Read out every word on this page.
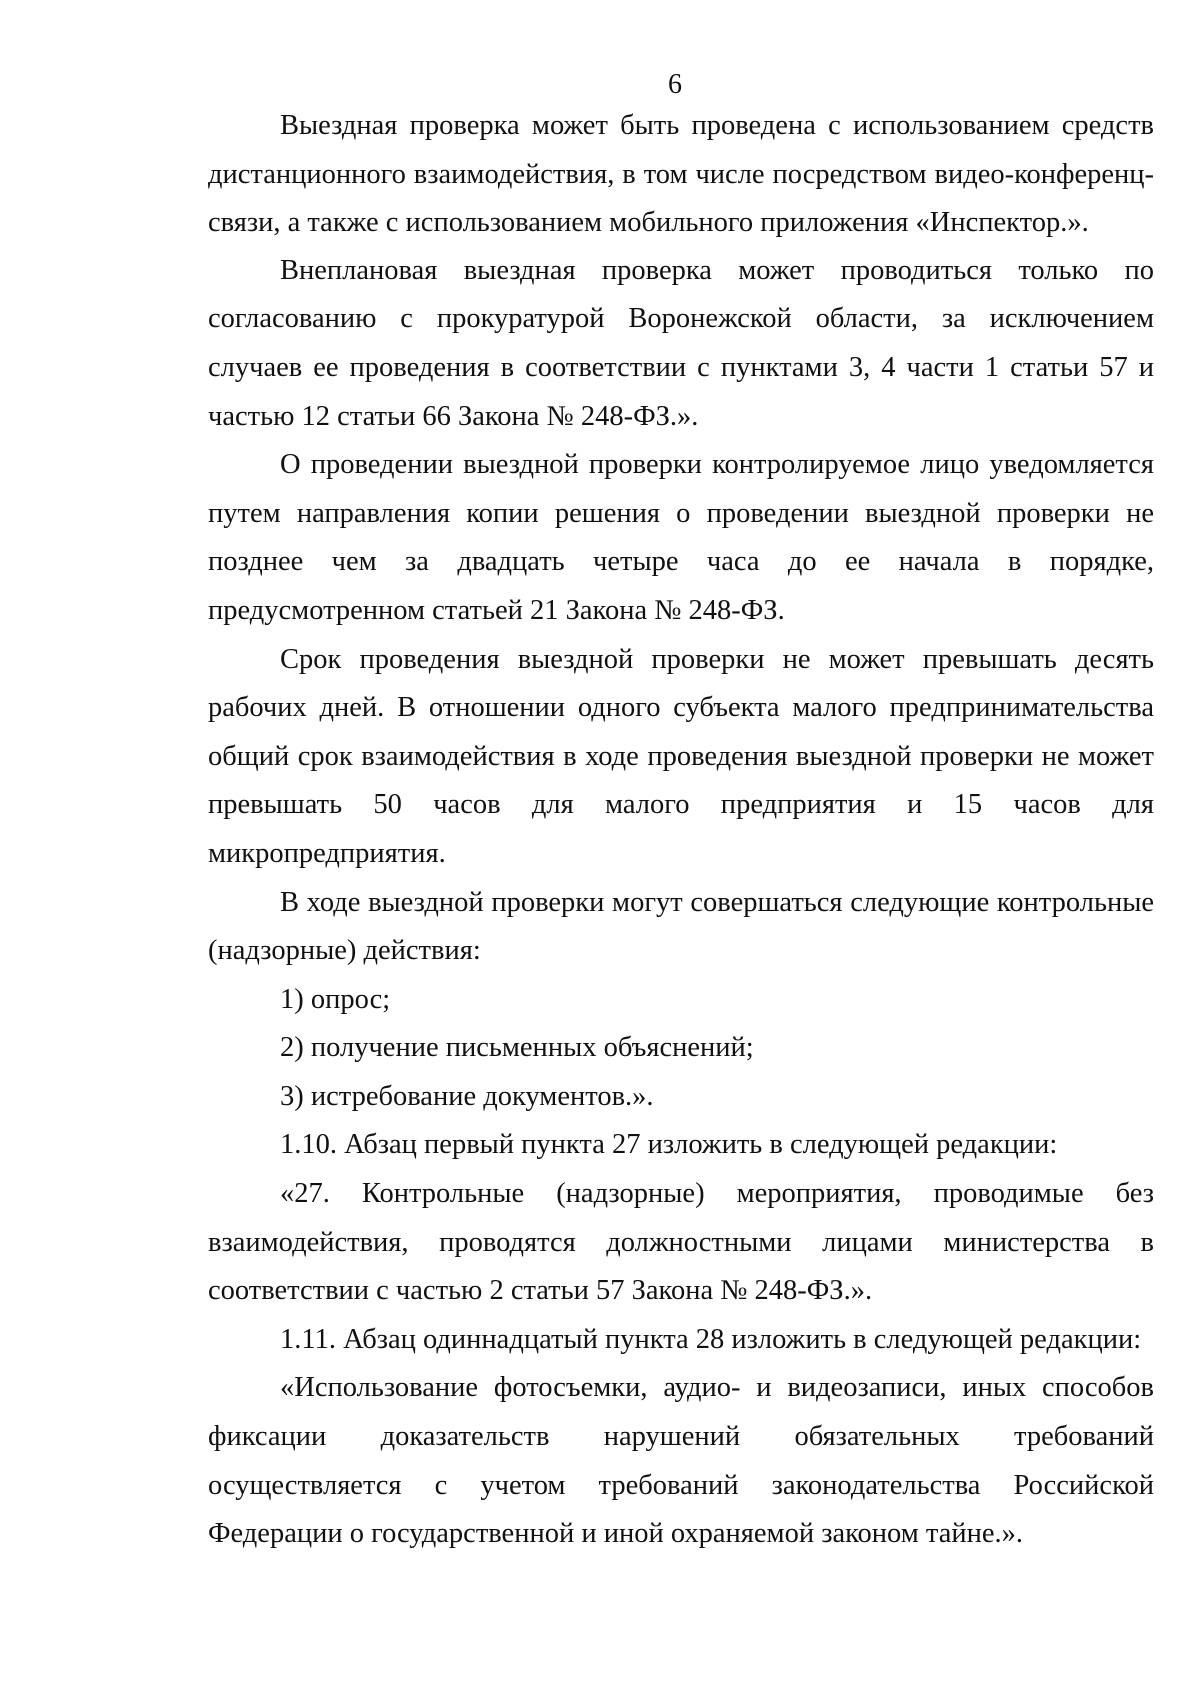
6

Выездная проверка может быть проведена с использованием средств дистанционного взаимодействия, в том числе посредством видео-конференц-связи, а также с использованием мобильного приложения «Инспектор.».

Внеплановая выездная проверка может проводиться только по согласованию с прокуратурой Воронежской области, за исключением случаев ее проведения в соответствии с пунктами 3, 4 части 1 статьи 57 и частью 12 статьи 66 Закона № 248-ФЗ.».

О проведении выездной проверки контролируемое лицо уведомляется путем направления копии решения о проведении выездной проверки не позднее чем за двадцать четыре часа до ее начала в порядке, предусмотренном статьей 21 Закона № 248-ФЗ.

Срок проведения выездной проверки не может превышать десять рабочих дней. В отношении одного субъекта малого предпринимательства общий срок взаимодействия в ходе проведения выездной проверки не может превышать 50 часов для малого предприятия и 15 часов для микропредприятия.

В ходе выездной проверки могут совершаться следующие контрольные (надзорные) действия:

1) опрос;

2) получение письменных объяснений;

3) истребование документов.».

1.10. Абзац первый пункта 27 изложить в следующей редакции:

«27. Контрольные (надзорные) мероприятия, проводимые без взаимодействия, проводятся должностными лицами министерства в соответствии с частью 2 статьи 57 Закона № 248-ФЗ.».

1.11. Абзац одиннадцатый пункта 28 изложить в следующей редакции:

«Использование фотосъемки, аудио- и видеозаписи, иных способов фиксации доказательств нарушений обязательных требований осуществляется с учетом требований законодательства Российской Федерации о государственной и иной охраняемой законом тайне.».
